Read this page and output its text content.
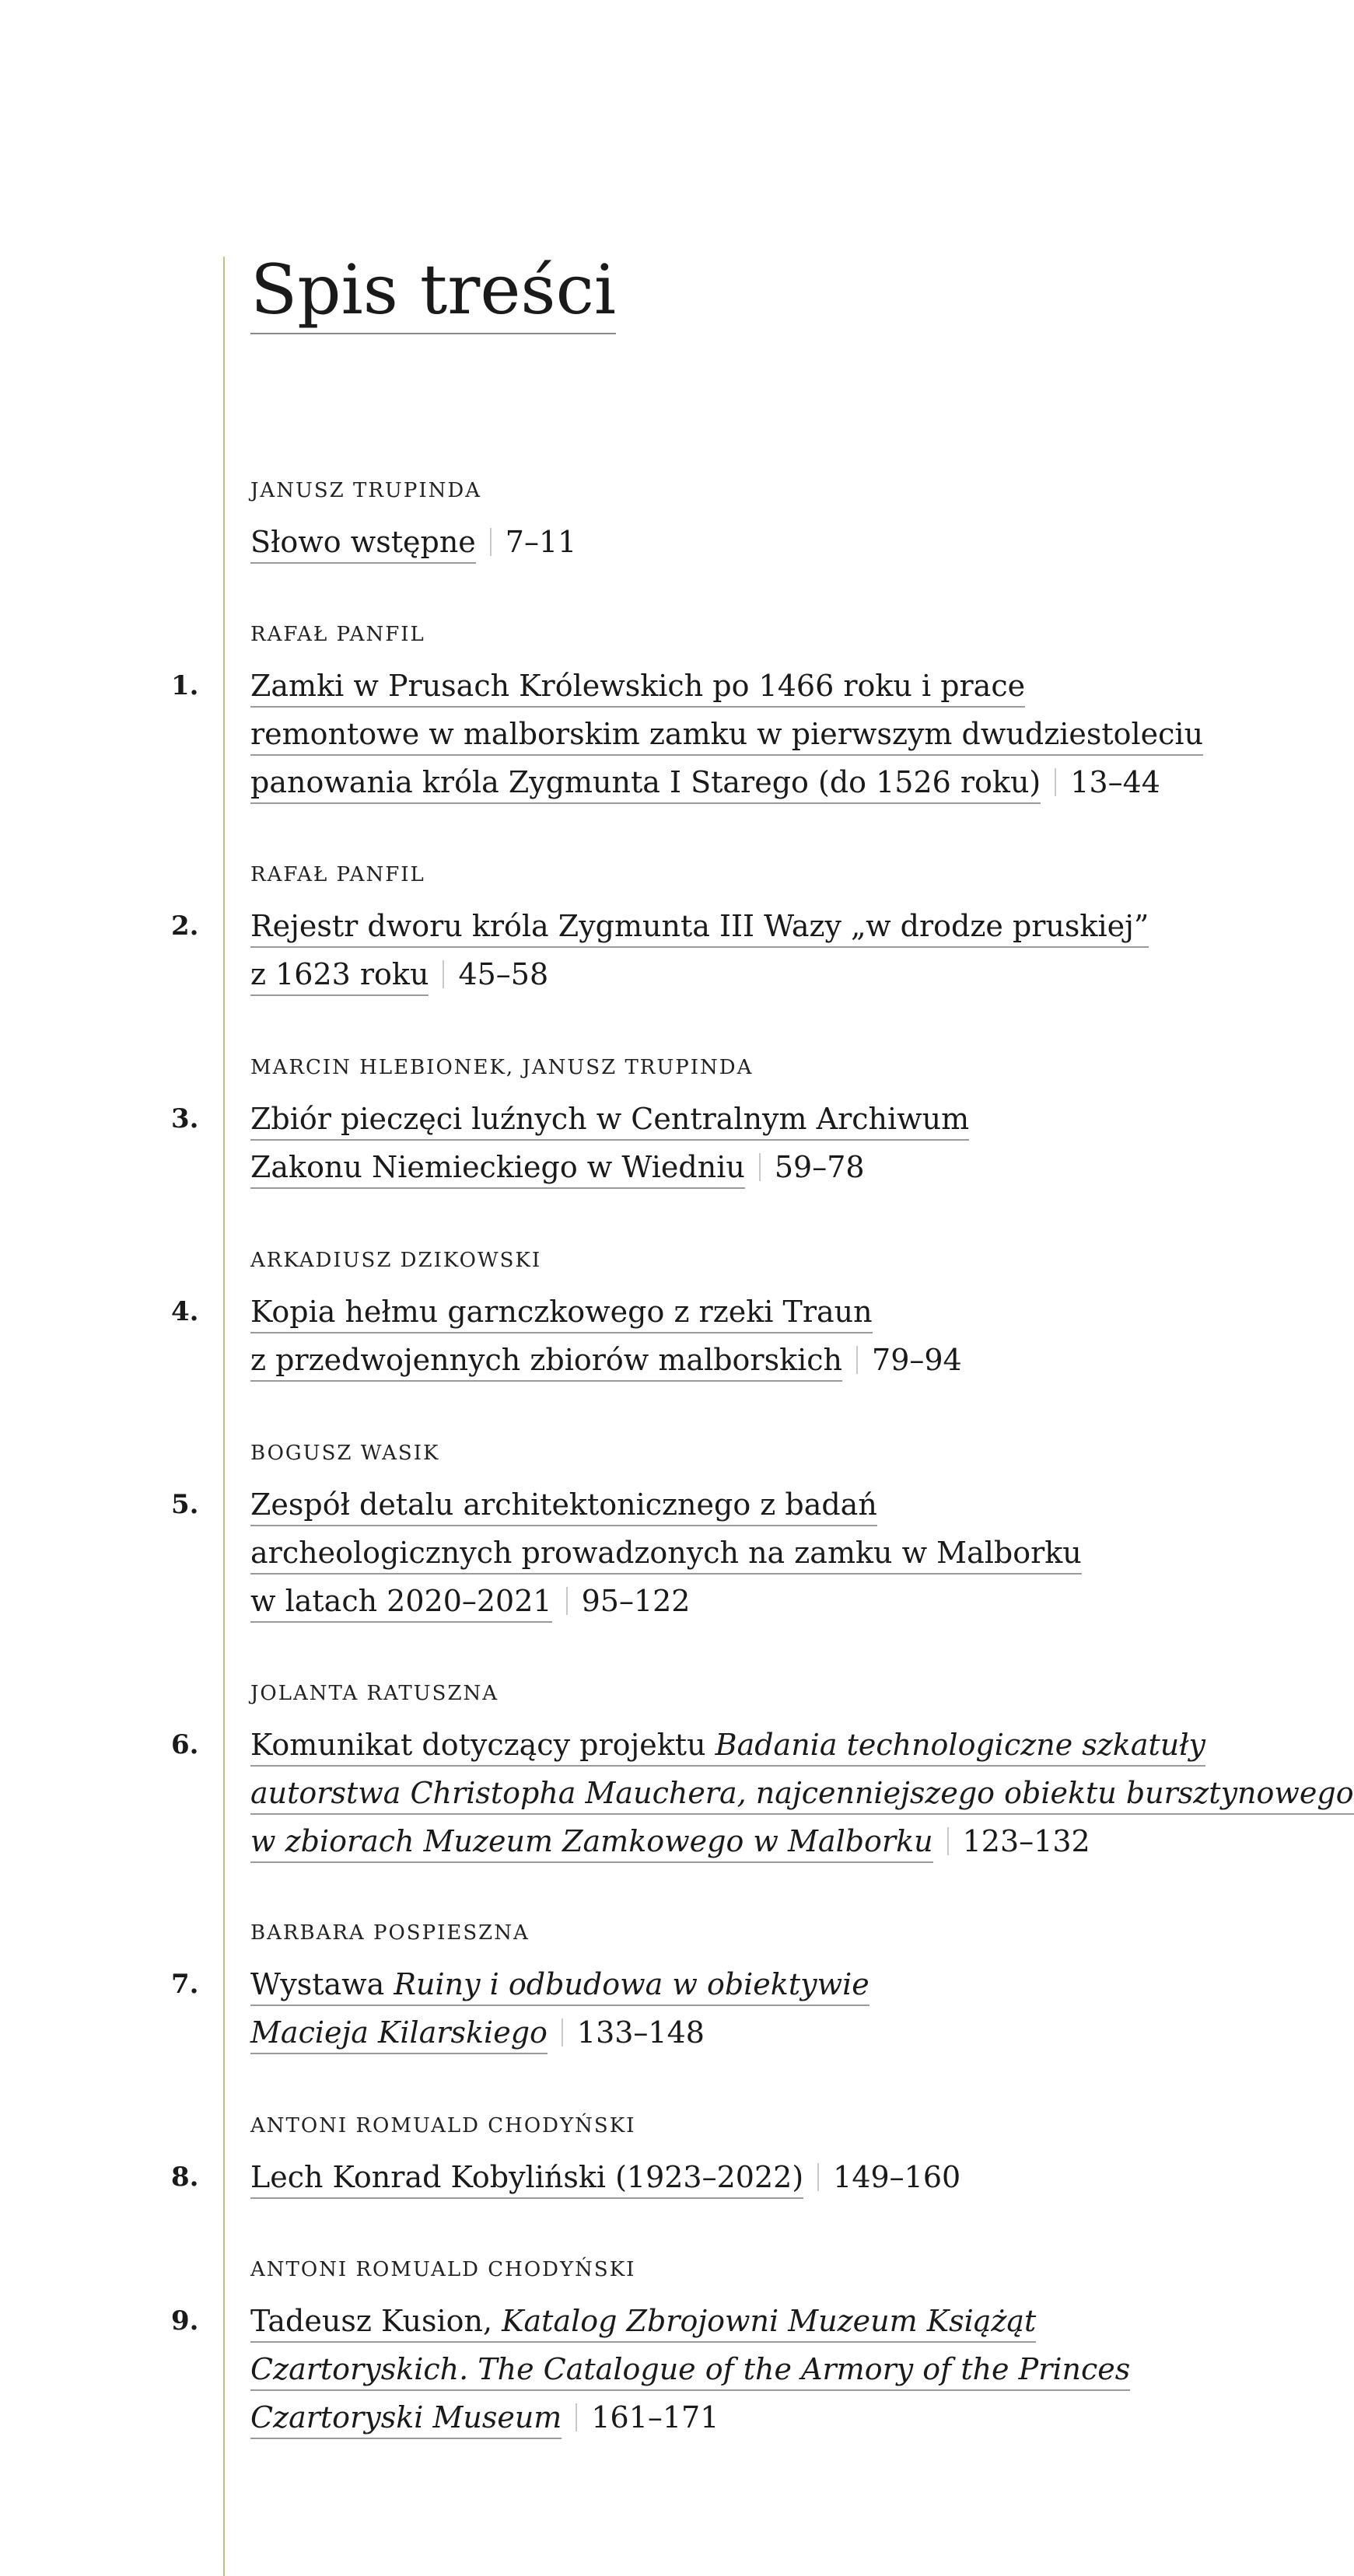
Spis treści
JANUSZ TRUPINDA
Słowo wstępne 7–11
RAFAŁ PANFIL
1. Zamki w Prusach Królewskich po 1466 roku i prace
remontowe w malborskim zamku w pierwszym dwudziestoleciu
panowania króla Zygmunta I Starego (do 1526 roku) 13–44
RAFAŁ PANFIL
2. Rejestr dworu króla Zygmunta III Wazy „w drodze pruskiej”
z 1623 roku 45–58
MARCIN HLEBIONEK, JANUSZ TRUPINDA
3. Zbiór pieczęci luźnych w Centralnym Archiwum
Zakonu Niemieckiego w Wiedniu 59–78
ARKADIUSZ DZIKOWSKI
4. Kopia hełmu garnczkowego z rzeki Traun
z przedwojennych zbiorów malborskich 79–94
BOGUSZ WASIK
5. Zespół detalu architektonicznego z badań
archeologicznych prowadzonych na zamku w Malborku
w latach 2020–2021 95–122
JOLANTA RATUSZNA
6. Komunikat dotyczący projektu Badania technologiczne szkatuły
autorstwa Christopha Mauchera, najcenniejszego obiektu bursztynowego
w zbiorach Muzeum Zamkowego w Malborku 123–132
BARBARA POSPIESZNA
7. Wystawa Ruiny i odbudowa w obiektywie
Macieja Kilarskiego 133–148
ANTONI ROMUALD CHODYŃSKI
8. Lech Konrad Kobyliński (1923–2022) 149–160
ANTONI ROMUALD CHODYŃSKI
9. Tadeusz Kusion, Katalog Zbrojowni Muzeum Książąt
Czartoryskich. The Catalogue of the Armory of the Princes
Czartoryski Museum 161–171
